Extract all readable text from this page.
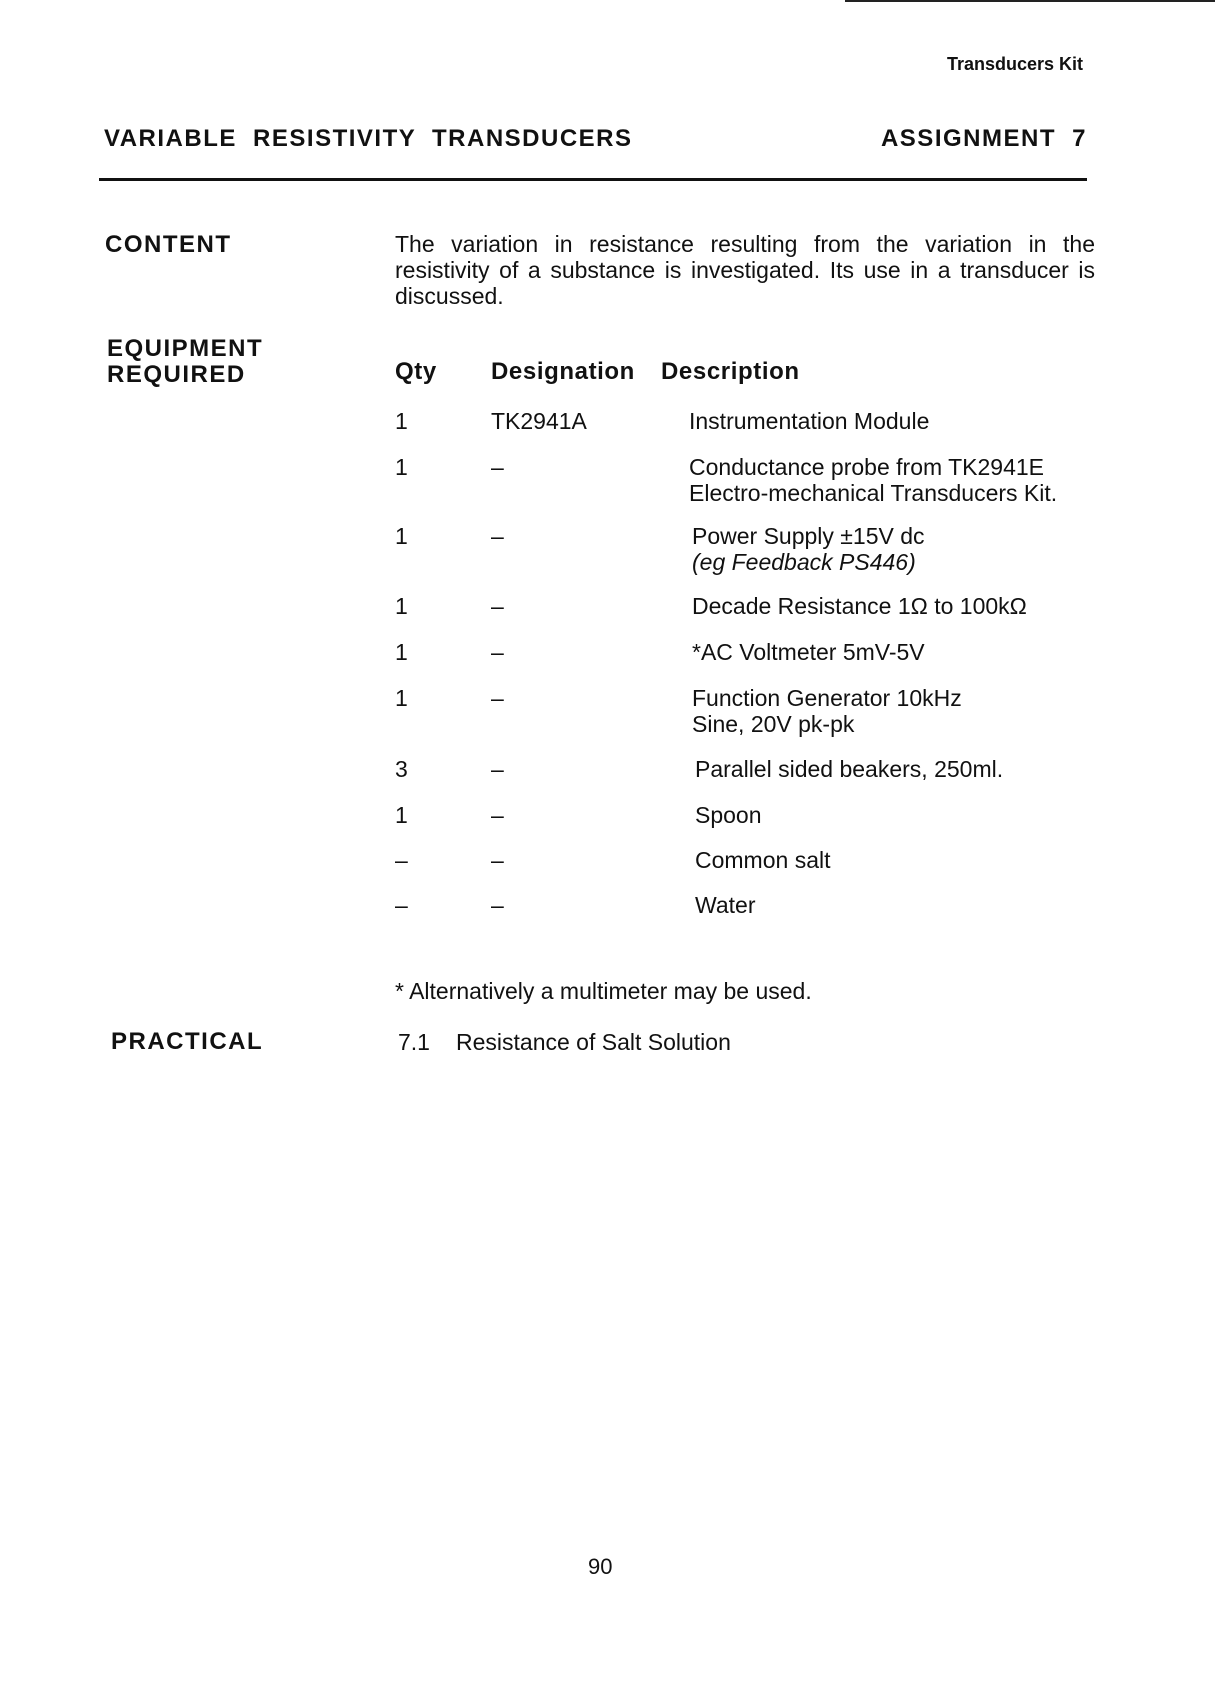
Transducers Kit
VARIABLE RESISTIVITY TRANSDUCERS	ASSIGNMENT 7
CONTENT	The variation in resistance resulting from the variation in the resistivity of a substance is investigated. Its use in a transducer is discussed.
EQUIPMENT
REQUIRED	Qty Designation Description
1	TK2941A	Instrumentation Module
1	–	Conductance probe from TK2941E
Electro-mechanical Transducers Kit.
1	–	Power Supply ±15V dc
(eg Feedback PS446)
1	–	Decade Resistance 1Ω to 100kΩ
1	–	*AC Voltmeter 5mV-5V
1	–	Function Generator 10kHz
Sine, 20V pk-pk
3	–	Parallel sided beakers, 250ml.
1	–	Spoon
–	–	Common salt
–	–	Water
* Alternatively a multimeter may be used.
PRACTICAL	7.1 Resistance of Salt Solution
90
